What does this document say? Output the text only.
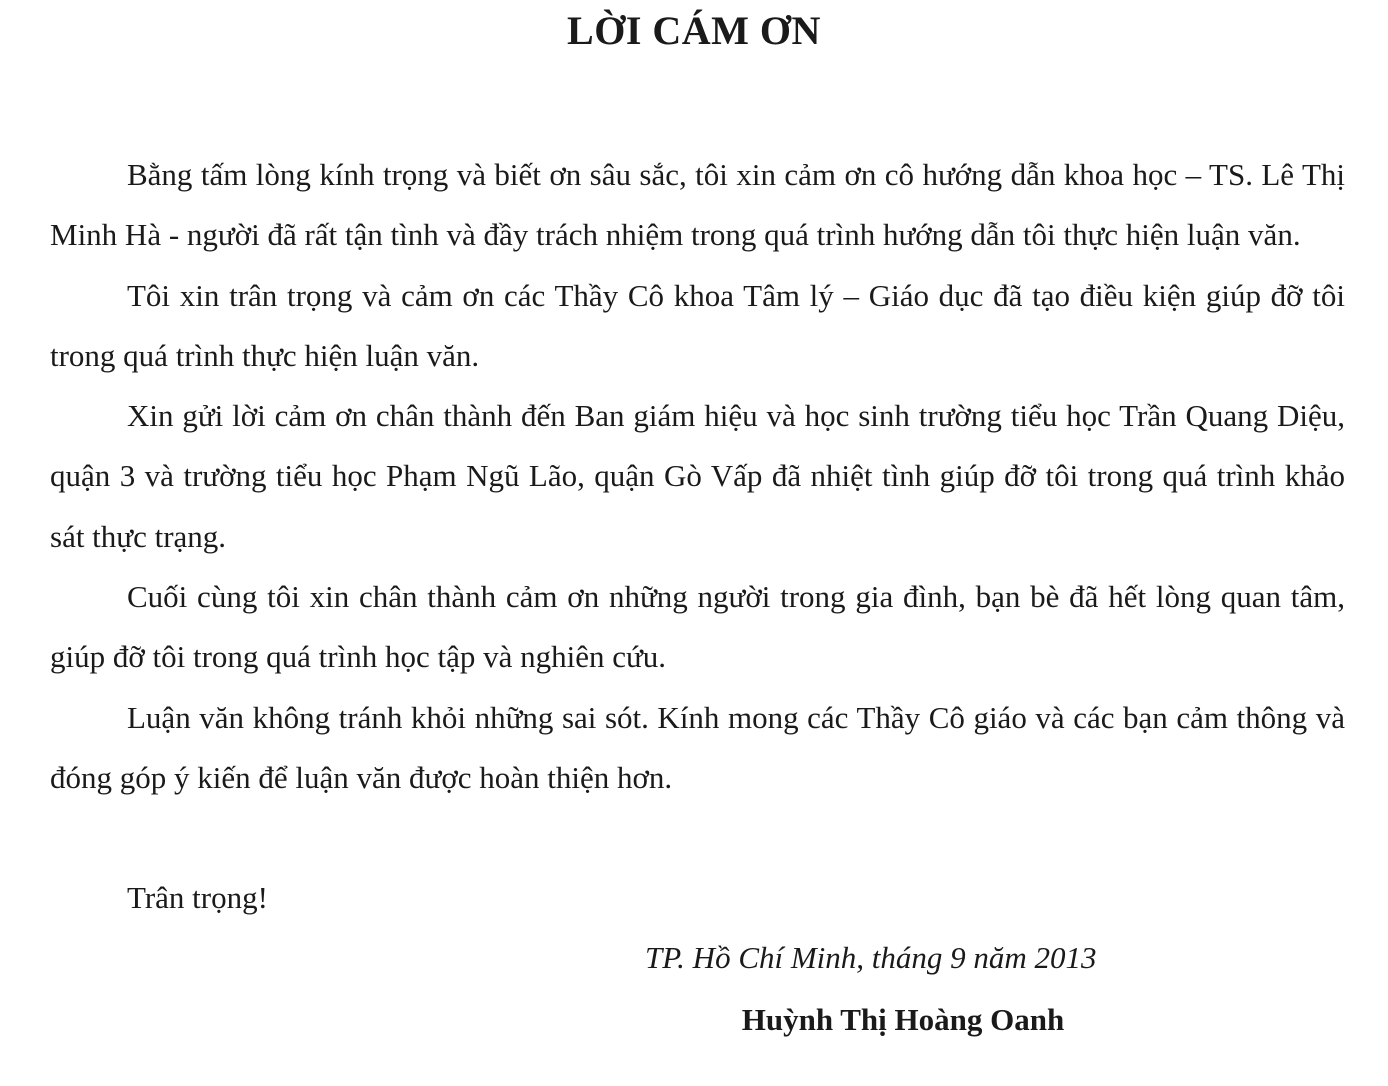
LỜI CÁM ƠN

Bằng tấm lòng kính trọng và biết ơn sâu sắc, tôi xin cảm ơn cô hướng dẫn khoa học – TS. Lê Thị Minh Hà - người đã rất tận tình và đầy trách nhiệm trong quá trình hướng dẫn tôi thực hiện luận văn.

Tôi xin trân trọng và cảm ơn các Thầy Cô khoa Tâm lý – Giáo dục đã tạo điều kiện giúp đỡ tôi trong quá trình thực hiện luận văn.

Xin gửi lời cảm ơn chân thành đến Ban giám hiệu và học sinh trường tiểu học Trần Quang Diệu, quận 3 và trường tiểu học Phạm Ngũ Lão, quận Gò Vấp đã nhiệt tình giúp đỡ tôi trong quá trình khảo sát thực trạng.

Cuối cùng tôi xin chân thành cảm ơn những người trong gia đình, bạn bè đã hết lòng quan tâm, giúp đỡ tôi trong quá trình học tập và nghiên cứu.

Luận văn không tránh khỏi những sai sót. Kính mong các Thầy Cô giáo và các bạn cảm thông và đóng góp ý kiến để luận văn được hoàn thiện hơn.

Trân trọng!
TP. Hồ Chí Minh, tháng 9 năm 2013
Huỳnh Thị Hoàng Oanh
